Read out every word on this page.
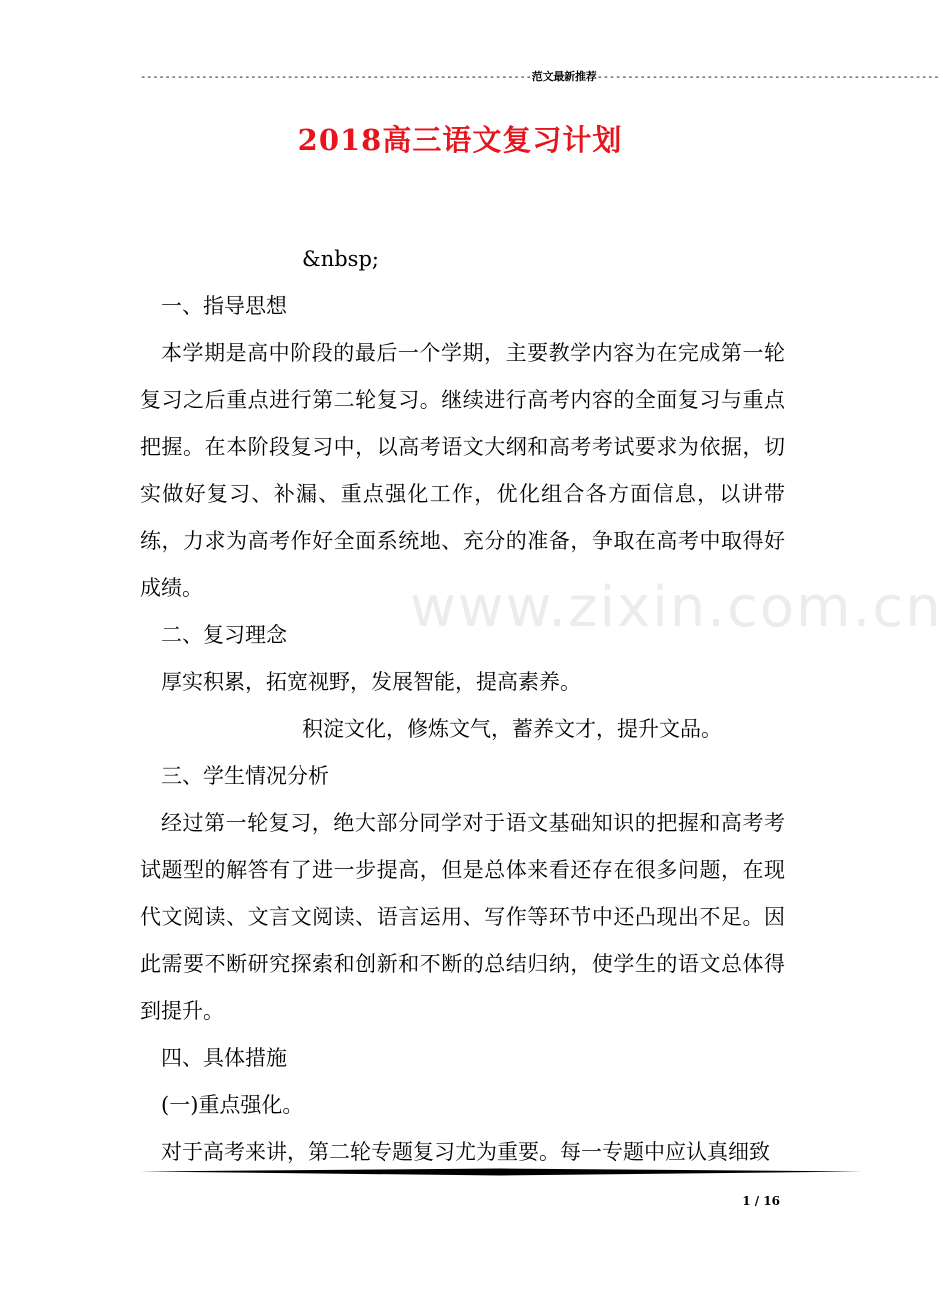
----------------------------------------------------------------范文最新推荐--------------------------------------------------------
2018高三语文复习计划
www.zixin.com.cn

&nbsp;

一、指导思想

本学期是高中阶段的最后一个学期，主要教学内容为在完成第一轮复习之后重点进行第二轮复习。继续进行高考内容的全面复习与重点把握。在本阶段复习中，以高考语文大纲和高考考试要求为依据，切实做好复习、补漏、重点强化工作，优化组合各方面信息，以讲带练，力求为高考作好全面系统地、充分的准备，争取在高考中取得好成绩。

二、复习理念

厚实积累，拓宽视野，发展智能，提高素养。

积淀文化，修炼文气，蓄养文才，提升文品。

三、学生情况分析

经过第一轮复习，绝大部分同学对于语文基础知识的把握和高考考试题型的解答有了进一步提高，但是总体来看还存在很多问题，在现代文阅读、文言文阅读、语言运用、写作等环节中还凸现出不足。因此需要不断研究探索和创新和不断的总结归纳，使学生的语文总体得到提升。

四、具体措施

(一)重点强化。

对于高考来讲，第二轮专题复习尤为重要。每一专题中应认真细致

1 / 16
